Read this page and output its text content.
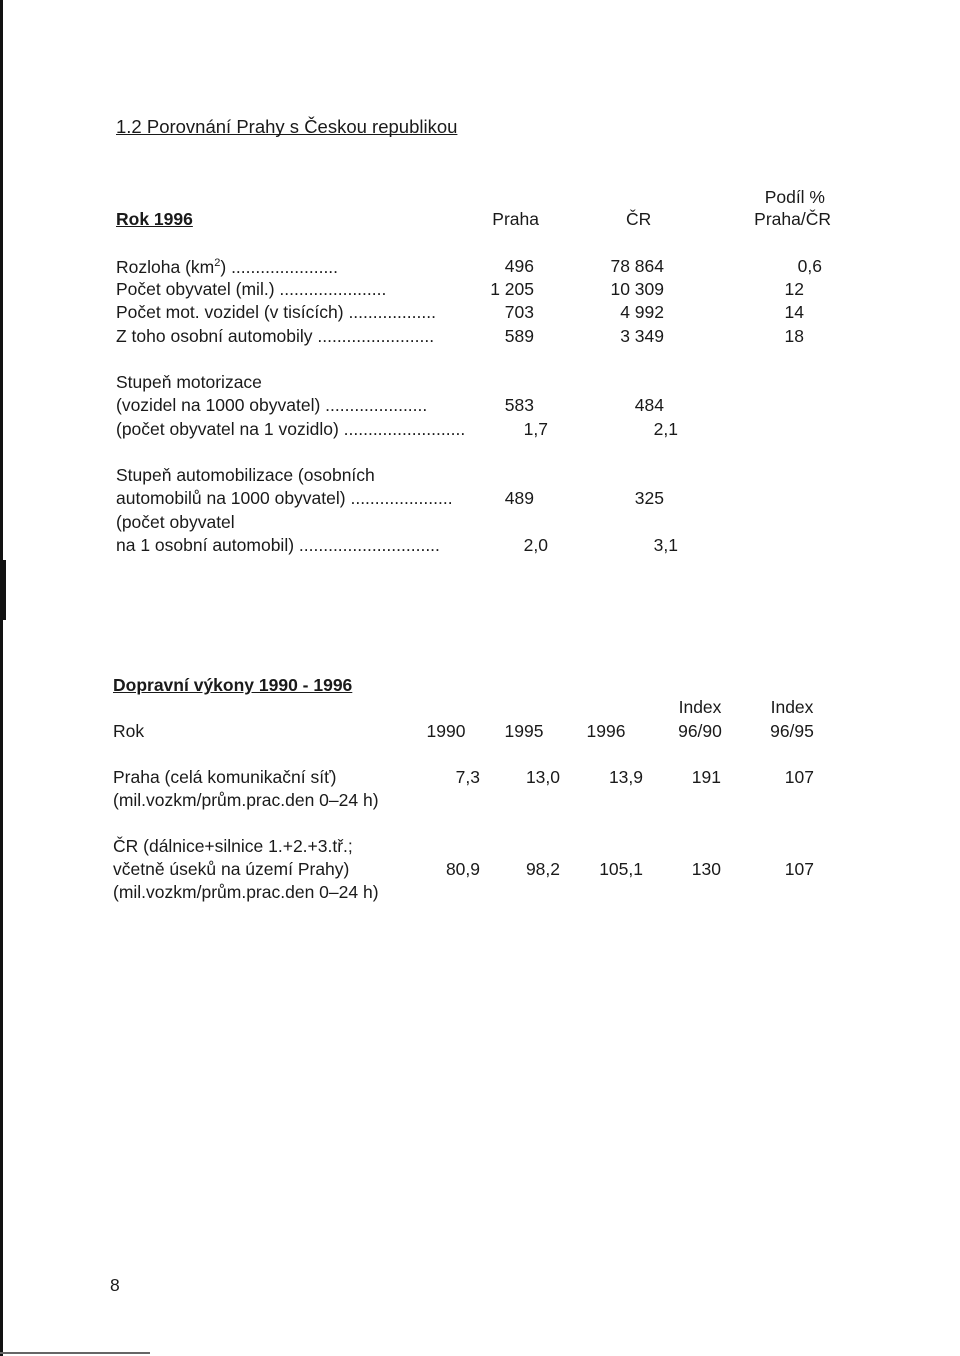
1.2 Porovnání Prahy s Českou republikou
Podíl %
Rok 1996	Praha	ČR	Praha/ČR
Rozloha $(km^2)$ ......................	496	78 864	0,6
Počet obyvatel (mil.) ......................	1 205	10 309	12
Počet mot. vozidel (v tisících) ..................	703	4 992	14
Z toho osobní automobily ........................	589	3 349	18
Stupeň motorizace
(vozidel na 1000 obyvatel) .....................	583	484
(počet obyvatel na 1 vozidlo) .........................	1,7	2,1
Stupeň automobilizace (osobních
automobilů na 1000 obyvatel) .....................	489	325
(počet obyvatel
na 1 osobní automobil) .............................	2,0	3,1
Dopravní výkony 1990 - 1996
Index	Index
Rok	1990	1995	1996	96/90	96/95
Praha (celá komunikační síť)
(mil.vozkm/prům.prac.den 0–24 h)
7,3	13,0	13,9	191	107
ČR (dálnice+silnice 1.+2.+3.tř.;
včetně úseků na území Prahy)
(mil.vozkm/prům.prac.den 0–24 h)
80,9	98,2	105,1	130	107
8
